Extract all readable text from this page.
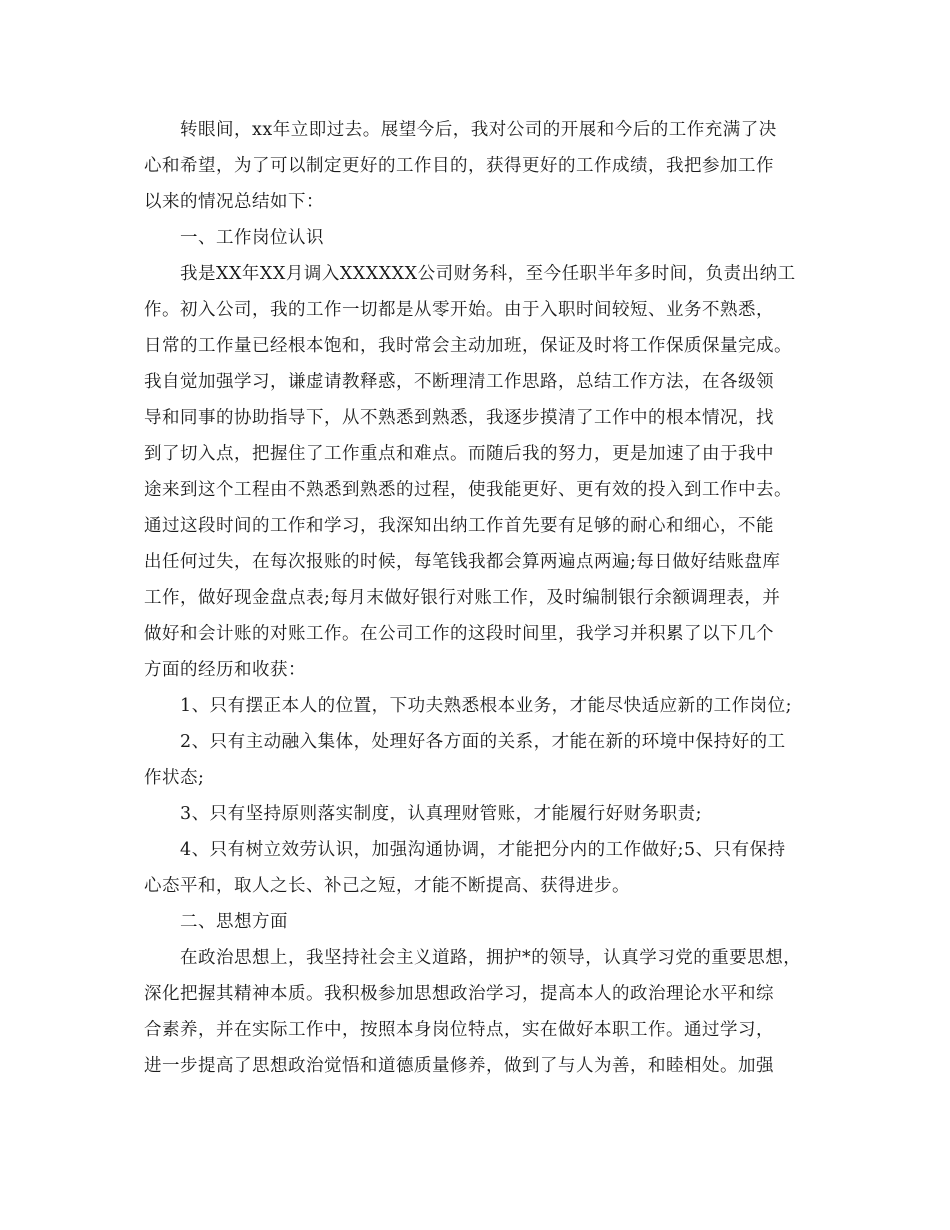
转眼间，xx年立即过去。展望今后，我对公司的开展和今后的工作充满了决
心和希望，为了可以制定更好的工作目的，获得更好的工作成绩，我把参加工作
以来的情况总结如下：
一、工作岗位认识
我是XX年XX月调入XXXXXX公司财务科，至今任职半年多时间，负责出纳工
作。初入公司，我的工作一切都是从零开始。由于入职时间较短、业务不熟悉，
日常的工作量已经根本饱和，我时常会主动加班，保证及时将工作保质保量完成。
我自觉加强学习，谦虚请教释惑，不断理清工作思路，总结工作方法，在各级领
导和同事的协助指导下，从不熟悉到熟悉，我逐步摸清了工作中的根本情况，找
到了切入点，把握住了工作重点和难点。而随后我的努力，更是加速了由于我中
途来到这个工程由不熟悉到熟悉的过程，使我能更好、更有效的投入到工作中去。
通过这段时间的工作和学习，我深知出纳工作首先要有足够的耐心和细心，不能
出任何过失，在每次报账的时候，每笔钱我都会算两遍点两遍;每日做好结账盘库
工作，做好现金盘点表;每月末做好银行对账工作，及时编制银行余额调理表，并
做好和会计账的对账工作。在公司工作的这段时间里，我学习并积累了以下几个
方面的经历和收获：
1、只有摆正本人的位置，下功夫熟悉根本业务，才能尽快适应新的工作岗位;
2、只有主动融入集体，处理好各方面的关系，才能在新的环境中保持好的工
作状态;
3、只有坚持原则落实制度，认真理财管账，才能履行好财务职责;
4、只有树立效劳认识，加强沟通协调，才能把分内的工作做好;5、只有保持
心态平和，取人之长、补己之短，才能不断提高、获得进步。
二、思想方面
在政治思想上，我坚持社会主义道路，拥护*的领导，认真学习党的重要思想，
深化把握其精神本质。我积极参加思想政治学习，提高本人的政治理论水平和综
合素养，并在实际工作中，按照本身岗位特点，实在做好本职工作。通过学习，
进一步提高了思想政治觉悟和道德质量修养，做到了与人为善，和睦相处。加强
